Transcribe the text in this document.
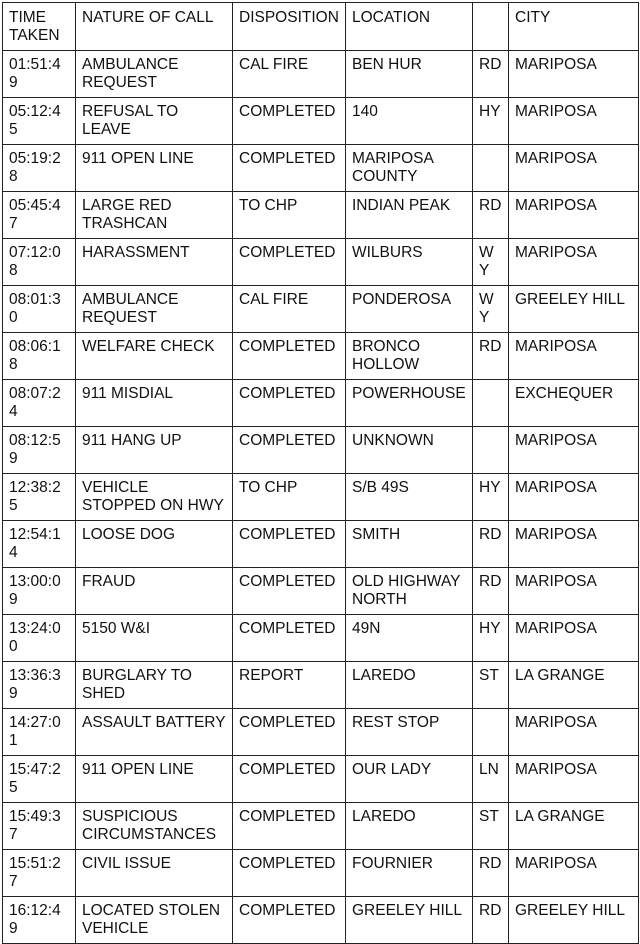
TIME TAKEN	NATURE OF CALL	DISPOSITION	LOCATION		CITY
01:51:49	AMBULANCE REQUEST	CAL FIRE	BEN HUR	RD	MARIPOSA
05:12:45	REFUSAL TO LEAVE	COMPLETED	140	HY	MARIPOSA
05:19:28	911 OPEN LINE	COMPLETED	MARIPOSA COUNTY		MARIPOSA
05:45:47	LARGE RED TRASHCAN	TO CHP	INDIAN PEAK	RD	MARIPOSA
07:12:08	HARASSMENT	COMPLETED	WILBURS	WY	MARIPOSA
08:01:30	AMBULANCE REQUEST	CAL FIRE	PONDEROSA	WY	GREELEY HILL
08:06:18	WELFARE CHECK	COMPLETED	BRONCO HOLLOW	RD	MARIPOSA
08:07:24	911 MISDIAL	COMPLETED	POWERHOUSE		EXCHEQUER
08:12:59	911 HANG UP	COMPLETED	UNKNOWN		MARIPOSA
12:38:25	VEHICLE STOPPED ON HWY	TO CHP	S/B 49S	HY	MARIPOSA
12:54:14	LOOSE DOG	COMPLETED	SMITH	RD	MARIPOSA
13:00:09	FRAUD	COMPLETED	OLD HIGHWAY NORTH	RD	MARIPOSA
13:24:00	5150 W&I	COMPLETED	49N	HY	MARIPOSA
13:36:39	BURGLARY TO SHED	REPORT	LAREDO	ST	LA GRANGE
14:27:01	ASSAULT BATTERY	COMPLETED	REST STOP		MARIPOSA
15:47:25	911 OPEN LINE	COMPLETED	OUR LADY	LN	MARIPOSA
15:49:37	SUSPICIOUS CIRCUMSTANCES	COMPLETED	LAREDO	ST	LA GRANGE
15:51:27	CIVIL ISSUE	COMPLETED	FOURNIER	RD	MARIPOSA
16:12:49	LOCATED STOLEN VEHICLE	COMPLETED	GREELEY HILL	RD	GREELEY HILL
